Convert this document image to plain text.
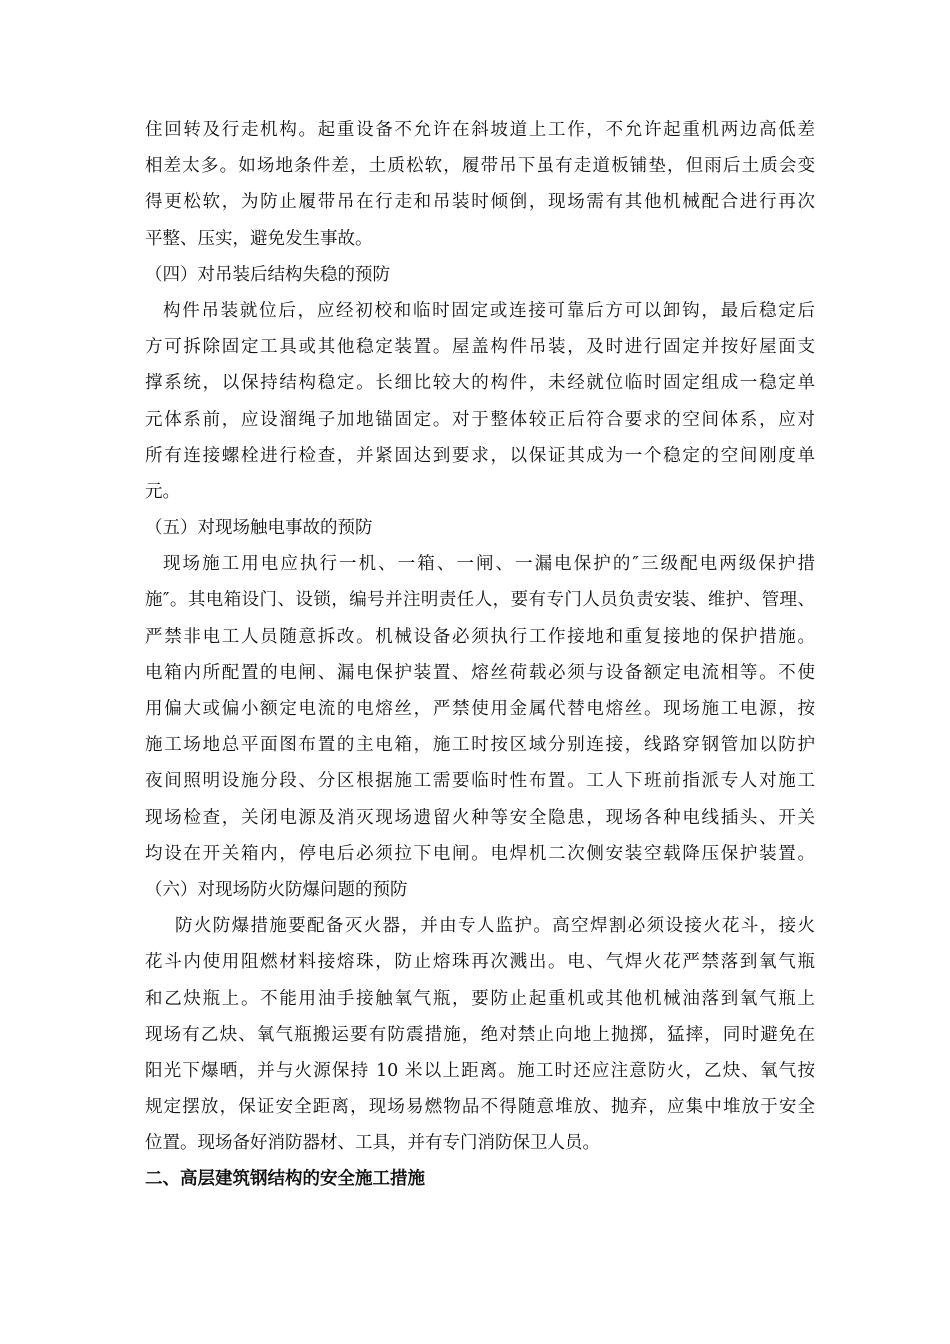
住回转及行走机构。起重设备不允许在斜坡道上工作，不允许起重机两边高低差
相差太多。如场地条件差，土质松软，履带吊下虽有走道板铺垫，但雨后土质会变
得更松软，为防止履带吊在行走和吊装时倾倒，现场需有其他机械配合进行再次
平整、压实，避免发生事故。
（四）对吊装后结构失稳的预防
构件吊装就位后，应经初校和临时固定或连接可靠后方可以卸钩，最后稳定后
方可拆除固定工具或其他稳定装置。屋盖构件吊装，及时进行固定并按好屋面支
撑系统，以保持结构稳定。长细比较大的构件，未经就位临时固定组成一稳定单
元体系前，应设溜绳子加地锚固定。对于整体较正后符合要求的空间体系，应对
所有连接螺栓进行检查，并紧固达到要求，以保证其成为一个稳定的空间刚度单
元。
（五）对现场触电事故的预防
现场施工用电应执行一机、一箱、一闸、一漏电保护的″三级配电两级保护措
施″。其电箱设门、设锁，编号并注明责任人，要有专门人员负责安装、维护、管理、
严禁非电工人员随意拆改。机械设备必须执行工作接地和重复接地的保护措施。
电箱内所配置的电闸、漏电保护装置、熔丝荷载必须与设备额定电流相等。不使
用偏大或偏小额定电流的电熔丝，严禁使用金属代替电熔丝。现场施工电源，按
施工场地总平面图布置的主电箱，施工时按区域分别连接，线路穿钢管加以防护
夜间照明设施分段、分区根据施工需要临时性布置。工人下班前指派专人对施工
现场检查，关闭电源及消灭现场遗留火种等安全隐患，现场各种电线插头、开关
均设在开关箱内，停电后必须拉下电闸。电焊机二次侧安装空载降压保护装置。
（六）对现场防火防爆问题的预防
防火防爆措施要配备灭火器，并由专人监护。高空焊割必须设接火花斗，接火
花斗内使用阻燃材料接熔珠，防止熔珠再次溅出。电、气焊火花严禁落到氧气瓶
和乙炔瓶上。不能用油手接触氧气瓶，要防止起重机或其他机械油落到氧气瓶上
现场有乙炔、氧气瓶搬运要有防震措施，绝对禁止向地上抛掷，猛摔，同时避免在
阳光下爆晒，并与火源保持 10 米以上距离。施工时还应注意防火，乙炔、氧气按
规定摆放，保证安全距离，现场易燃物品不得随意堆放、抛弃，应集中堆放于安全
位置。现场备好消防器材、工具，并有专门消防保卫人员。
二、高层建筑钢结构的安全施工措施
